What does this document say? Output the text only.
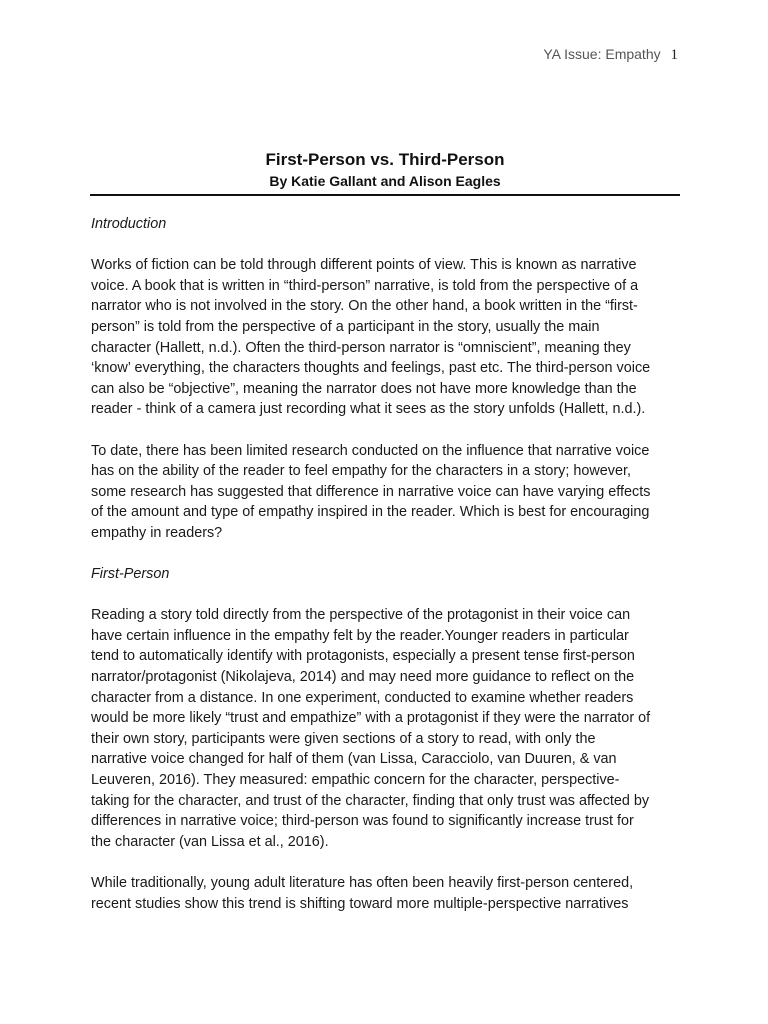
YA Issue: Empathy 1

First-Person vs. Third-Person

By Katie Gallant and Alison Eagles

Introduction

Works of fiction can be told through different points of view. This is known as narrative
voice. A book that is written in “third-person” narrative, is told from the perspective of a
narrator who is not involved in the story. On the other hand, a book written in the “first-
person” is told from the perspective of a participant in the story, usually the main
character (Hallett, n.d.). Often the third-person narrator is “omniscient”, meaning they
‘know’ everything, the characters thoughts and feelings, past etc. The third-person voice
can also be “objective”, meaning the narrator does not have more knowledge than the
reader - think of a camera just recording what it sees as the story unfolds (Hallett, n.d.).
To date, there has been limited research conducted on the influence that narrative voice
has on the ability of the reader to feel empathy for the characters in a story; however,
some research has suggested that difference in narrative voice can have varying effects
of the amount and type of empathy inspired in the reader. Which is best for encouraging
empathy in readers?

First-Person

Reading a story told directly from the perspective of the protagonist in their voice can
have certain influence in the empathy felt by the reader.Younger readers in particular
tend to automatically identify with protagonists, especially a present tense first-person
narrator/protagonist (Nikolajeva, 2014) and may need more guidance to reflect on the
character from a distance. In one experiment, conducted to examine whether readers
would be more likely “trust and empathize” with a protagonist if they were the narrator of
their own story, participants were given sections of a story to read, with only the
narrative voice changed for half of them (van Lissa, Caracciolo, van Duuren, & van
Leuveren, 2016). They measured: empathic concern for the character, perspective-
taking for the character, and trust of the character, finding that only trust was affected by
differences in narrative voice; third-person was found to significantly increase trust for
the character (van Lissa et al., 2016).
While traditionally, young adult literature has often been heavily first-person centered,
recent studies show this trend is shifting toward more multiple-perspective narratives
